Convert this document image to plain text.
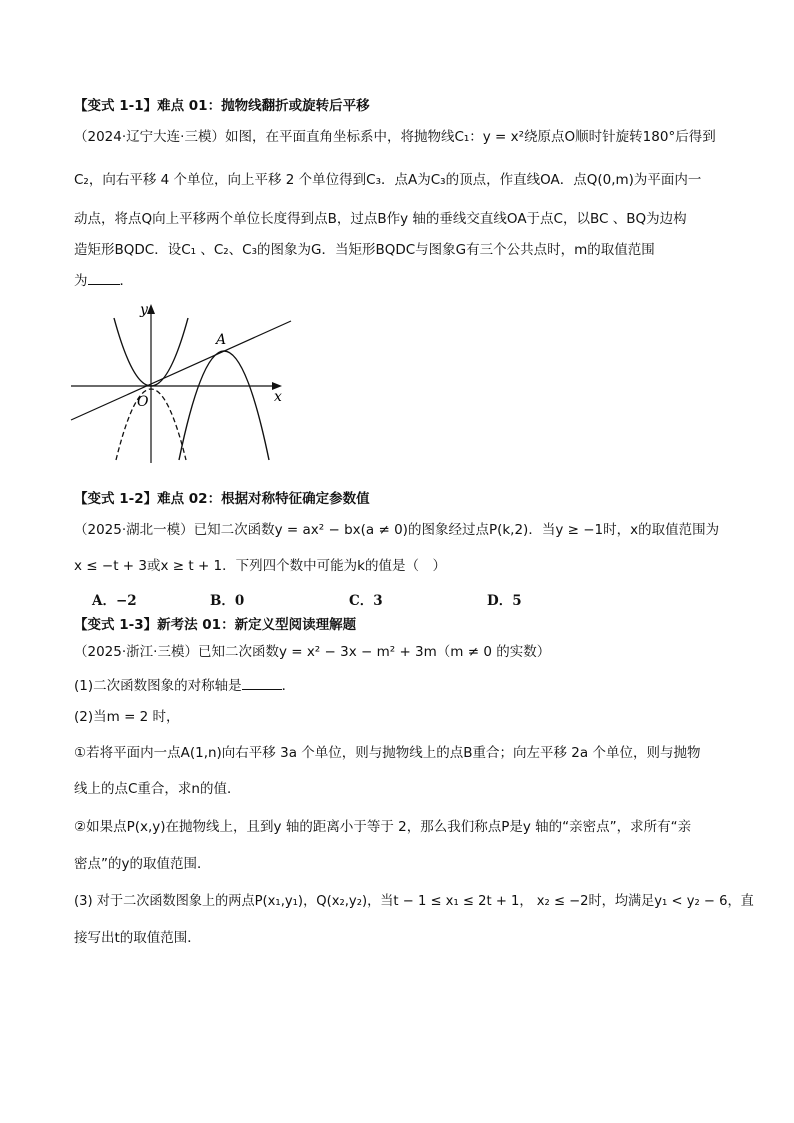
【变式 1-1】难点 01：抛物线翻折或旋转后平移
（2024·辽宁大连·三模）如图，在平面直角坐标系中，将抛物线C₁：y = x²绕原点O顺时针旋转180°后得到
C₂，向右平移 4 个单位，向上平移 2 个单位得到C₃．点A为C₃的顶点，作直线OA．点Q(0,m)为平面内一
动点，将点Q向上平移两个单位长度得到点B，过点B作y 轴的垂线交直线OA于点C，以BC 、BQ为边构
造矩形BQDC．设C₁ 、C₂、C₃的图象为G．当矩形BQDC与图象G有三个公共点时，m的取值范围
为 ．
y
x
O
A
【变式 1-2】难点 02：根据对称特征确定参数值
（2025·湖北一模）已知二次函数y = ax² − bx(a ≠ 0)的图象经过点P(k,2)．当y ≥ −1时，x的取值范围为
x ≤ −t + 3或x ≥ t + 1．下列四个数中可能为k的值是（　）
A．−2	B．0	C．3	D．5
【变式 1-3】新考法 01：新定义型阅读理解题
（2025·浙江·三模）已知二次函数y = x² − 3x − m² + 3m（m ≠ 0 的实数）
(1)二次函数图象的对称轴是	．
(2)当m = 2 时，
①若将平面内一点A(1,n)向右平移 3a 个单位，则与抛物线上的点B重合；向左平移 2a 个单位，则与抛物
线上的点C重合，求n的值．
②如果点P(x,y)在抛物线上，且到y 轴的距离小于等于 2，那么我们称点P是y 轴的“亲密点”，求所有“亲
密点”的y的取值范围．
(3) 对于二次函数图象上的两点P(x₁,y₁)，Q(x₂,y₂)，当t − 1 ≤ x₁ ≤ 2t + 1， x₂ ≤ −2时，均满足y₁ < y₂ − 6，直
接写出t的取值范围．
